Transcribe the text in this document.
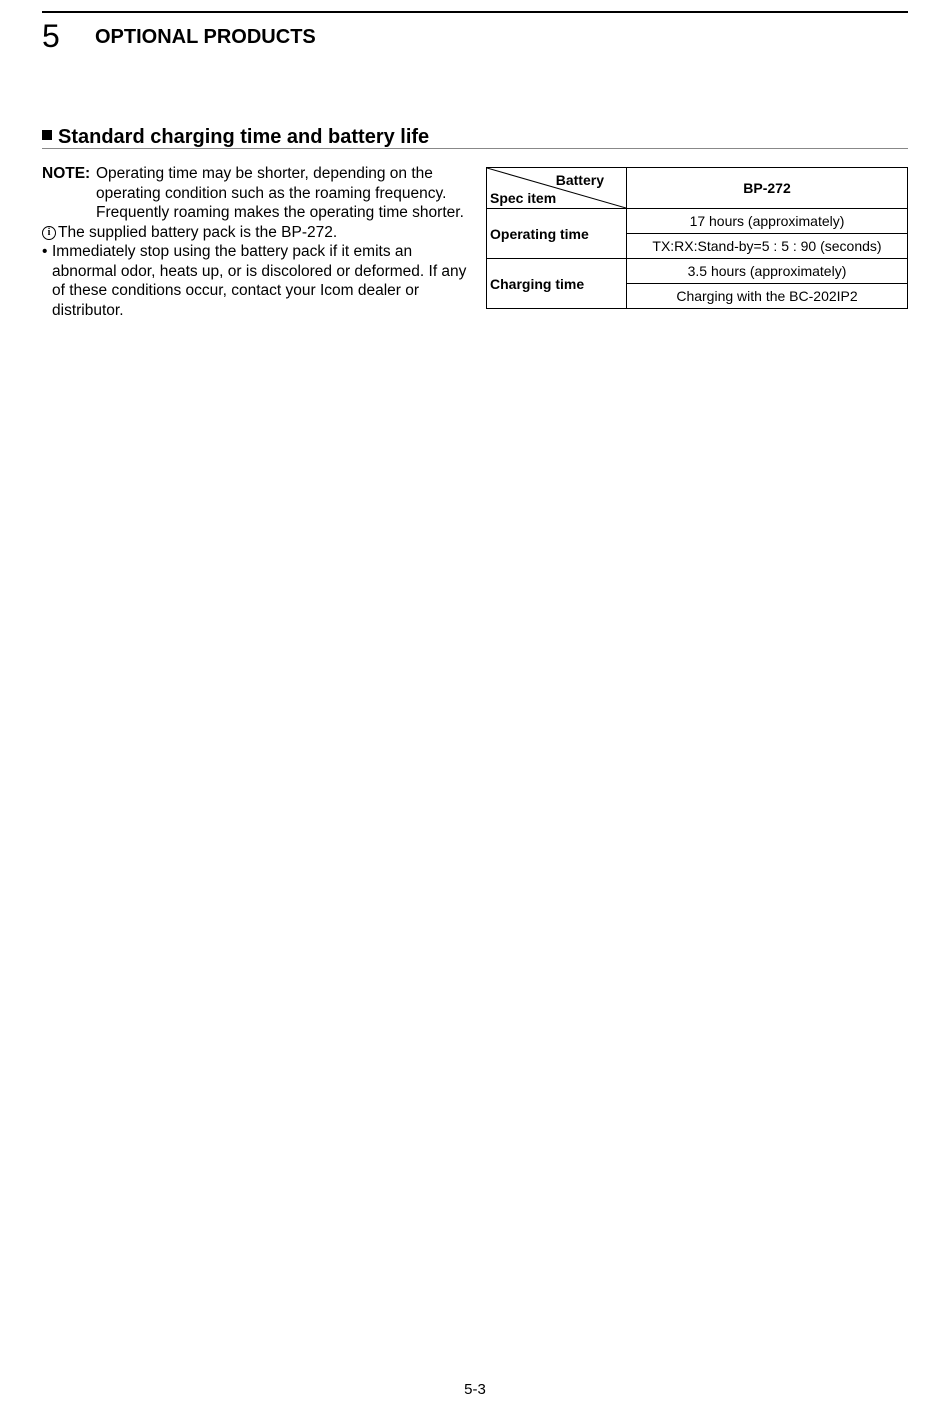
5 OPTIONAL PRODUCTS
Standard charging time and battery life
NOTE: Operating time may be shorter, depending on the operating condition such as the roaming frequency. Frequently roaming makes the operating time shorter.
i The supplied battery pack is the BP-272.
• Immediately stop using the battery pack if it emits an abnormal odor, heats up, or is discolored or deformed. If any of these conditions occur, contact your Icom dealer or distributor.
Battery
Spec item	BP-272
Operating time	17 hours (approximately)
	TX:RX:Stand-by=5 : 5 : 90 (seconds)
Charging time	3.5 hours (approximately)
	Charging with the BC-202IP2
5-3
